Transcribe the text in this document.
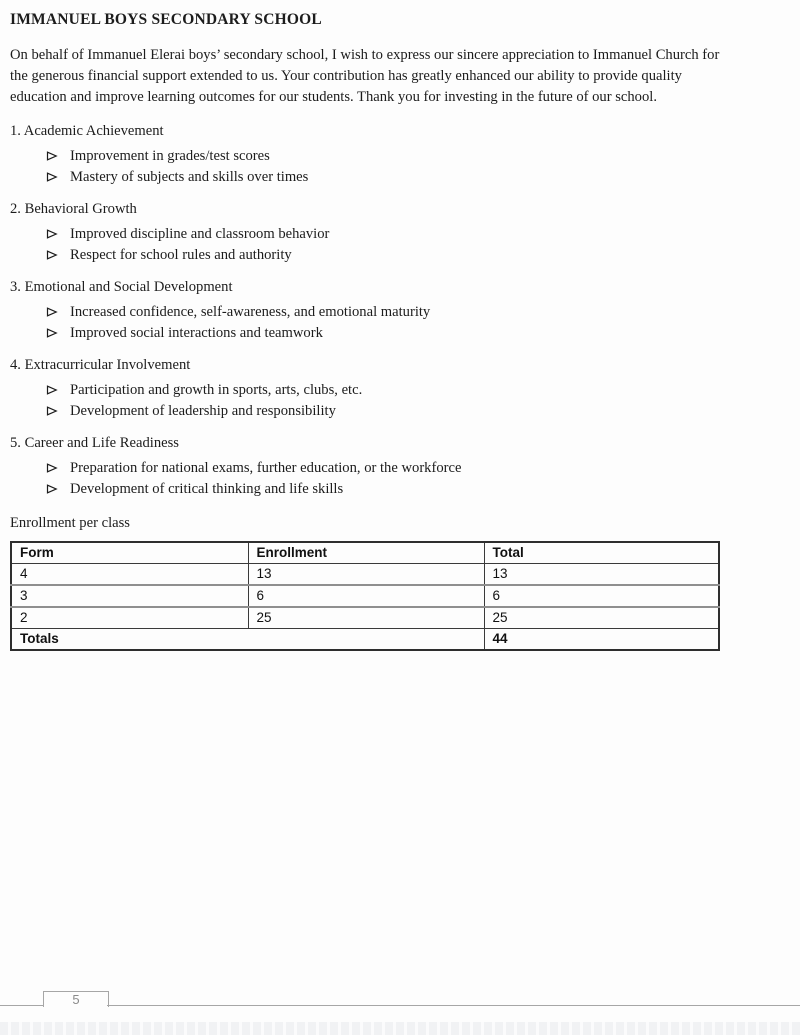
IMMANUEL BOYS SECONDARY SCHOOL
On behalf of Immanuel Elerai boys’ secondary school, I wish to express our sincere appreciation to Immanuel Church for
the generous financial support extended to us. Your contribution has greatly enhanced our ability to provide quality
education and improve learning outcomes for our students. Thank you for investing in the future of our school.

1. Academic Achievement

Improvement in grades/test scores
Mastery of subjects and skills over times

2. Behavioral Growth

Improved discipline and classroom behavior
Respect for school rules and authority

3. Emotional and Social Development

Increased confidence, self-awareness, and emotional maturity
Improved social interactions and teamwork

4. Extracurricular Involvement

Participation and growth in sports, arts, clubs, etc.
Development of leadership and responsibility

5. Career and Life Readiness

Preparation for national exams, further education, or the workforce
Development of critical thinking and life skills

Enrollment per class

Form	Enrollment	Total
4	13	13
3	6	6
2	25	25
Totals		44
5
